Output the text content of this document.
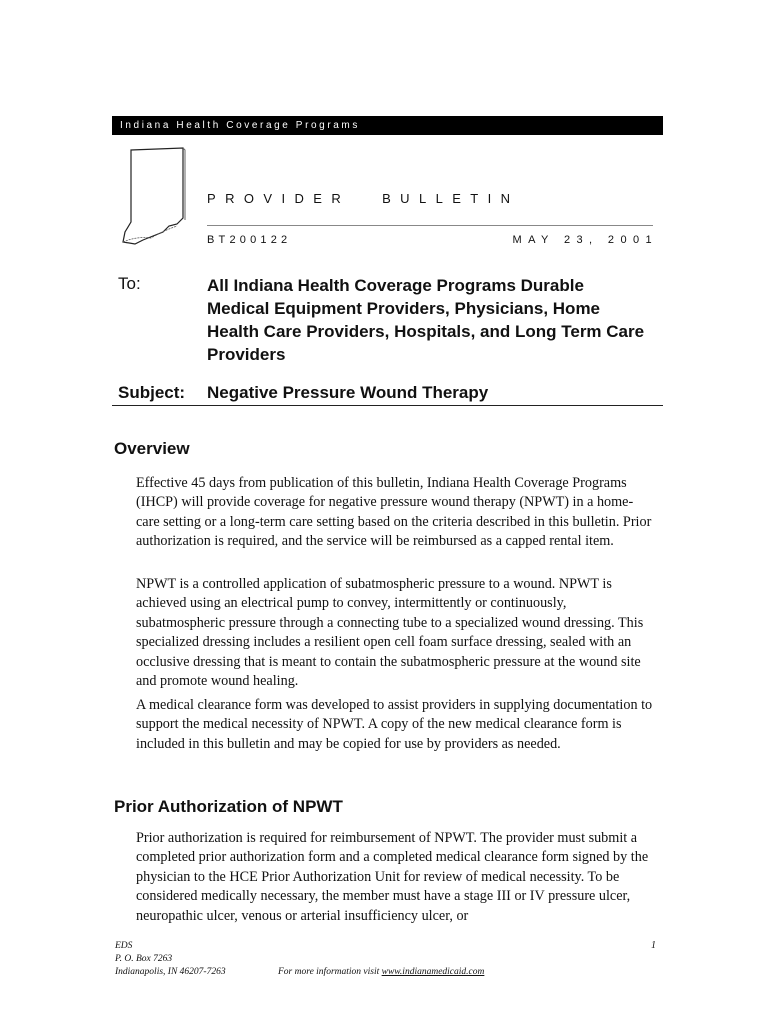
Indiana Health Coverage Programs
PROVIDER BULLETIN
BT200122	MAY 23, 2001
To:	All Indiana Health Coverage Programs Durable Medical Equipment Providers, Physicians, Home Health Care Providers, Hospitals, and Long Term Care Providers
Subject: Negative Pressure Wound Therapy
Overview

Effective 45 days from publication of this bulletin, Indiana Health Coverage Programs (IHCP) will provide coverage for negative pressure wound therapy (NPWT) in a home-care setting or a long-term care setting based on the criteria described in this bulletin. Prior authorization is required, and the service will be reimbursed as a capped rental item.

NPWT is a controlled application of subatmospheric pressure to a wound. NPWT is achieved using an electrical pump to convey, intermittently or continuously, subatmospheric pressure through a connecting tube to a specialized wound dressing. This specialized dressing includes a resilient open cell foam surface dressing, sealed with an occlusive dressing that is meant to contain the subatmospheric pressure at the wound site and promote wound healing.

A medical clearance form was developed to assist providers in supplying documentation to support the medical necessity of NPWT. A copy of the new medical clearance form is included in this bulletin and may be copied for use by providers as needed.

Prior Authorization of NPWT

Prior authorization is required for reimbursement of NPWT. The provider must submit a completed prior authorization form and a completed medical clearance form signed by the physician to the HCE Prior Authorization Unit for review of medical necessity. To be considered medically necessary, the member must have a stage III or IV pressure ulcer, neuropathic ulcer, venous or arterial insufficiency ulcer, or

EDS
P. O. Box 7263
Indianapolis, IN 46207-7263	For more information visit www.indianamedicaid.com
1
